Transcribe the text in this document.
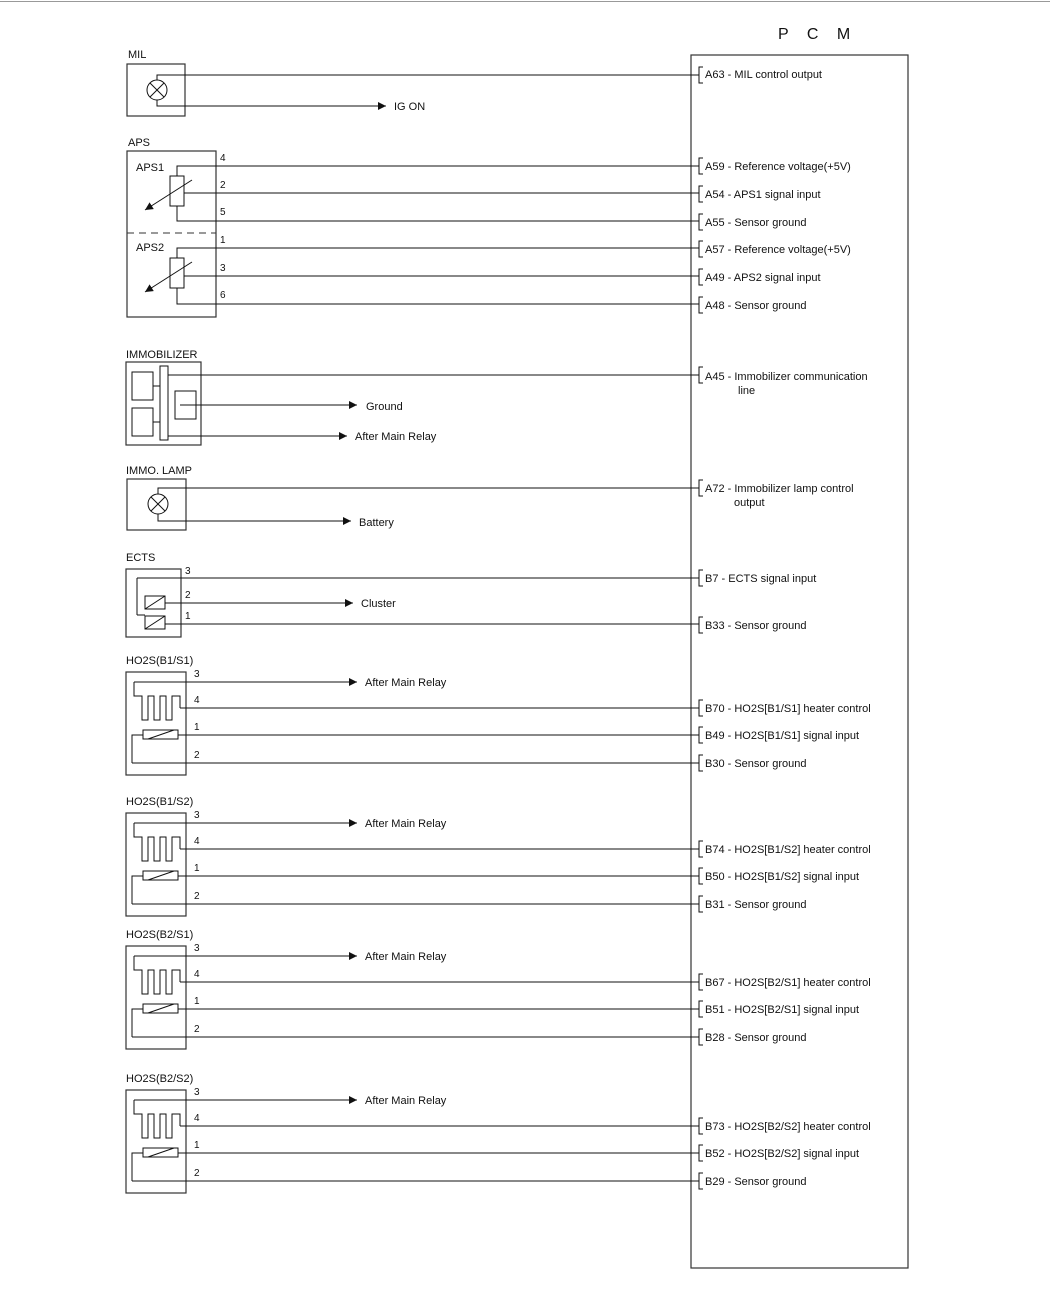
P C M
MIL
IG ON
A63 - MIL control output
APS
APS1
APS2
4
2
5
1
3
6
A59 - Reference voltage(+5V)
A54 - APS1 signal input
A55 - Sensor ground
A57 - Reference voltage(+5V)
A49 - APS2 signal input
A48 - Sensor ground
IMMOBILIZER
Ground
After Main Relay
A45 - Immobilizer communication
line
IMMO. LAMP
Battery
A72 - Immobilizer lamp control
output
ECTS
3
2
1
Cluster
B7 - ECTS signal input
B33 - Sensor ground
HO2S(B1/S1)
3
4
1
2
After Main Relay
B70 - HO2S[B1/S1] heater control
B49 - HO2S[B1/S1] signal input
B30 - Sensor ground
HO2S(B1/S2)
3
4
1
2
After Main Relay
B74 - HO2S[B1/S2] heater control
B50 - HO2S[B1/S2] signal input
B31 - Sensor ground
HO2S(B2/S1)
3
4
1
2
After Main Relay
B67 - HO2S[B2/S1] heater control
B51 - HO2S[B2/S1] signal input
B28 - Sensor ground
HO2S(B2/S2)
3
4
1
2
After Main Relay
B73 - HO2S[B2/S2] heater control
B52 - HO2S[B2/S2] signal input
B29 - Sensor ground
